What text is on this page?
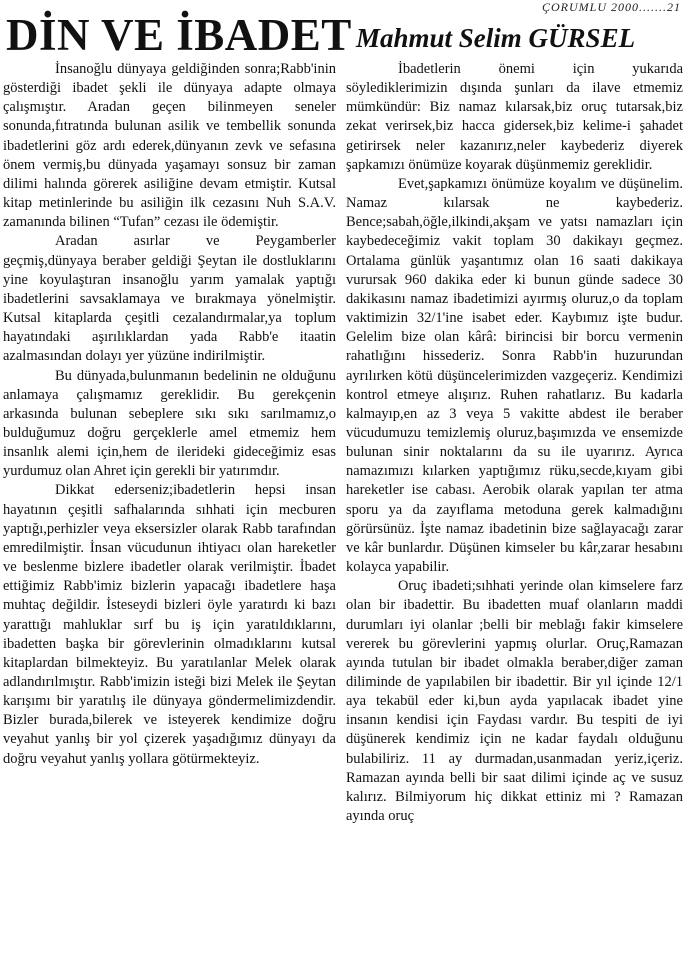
ÇORUMLU 2000.......21
DİN VE İBADET Mahmut Selim GÜRSEL

İnsanoğlu dünyaya geldiğinden sonra;Rabb'inin gösterdiği ibadet şekli ile dünyaya adapte olmaya çalışmıştır. Aradan geçen bilinmeyen seneler sonunda,fıtratında bulunan asilik ve tembellik sonunda ibadetlerini göz ardı ederek,dünyanın zevk ve sefasına önem vermiş,bu dünyada yaşamayı sonsuz bir zaman dilimi halında görerek asiliğine devam etmiştir. Kutsal kitap metinlerinde bu asiliğin ilk cezasını Nuh S.A.V. zamanında bilinen “Tufan” cezası ile ödemiştir.

Aradan asırlar ve Peygamberler geçmiş,dünyaya beraber geldiği Şeytan ile dostluklarını yine koyulaştıran insanoğlu yarım yamalak yaptığı ibadetlerini savsaklamaya ve bırakmaya yönelmiştir. Kutsal kitaplarda çeşitli cezalandırmalar,ya toplum hayatındaki aşırılıklardan yada Rabb'e itaatin azalmasından dolayı yer yüzüne indirilmiştir.

Bu dünyada,bulunmanın bedelinin ne olduğunu anlamaya çalışmamız gereklidir. Bu gerekçenin arkasında bulunan sebeplere sıkı sıkı sarılmamız,o bulduğumuz doğru gerçeklerle amel etmemiz hem insanlık alemi için,hem de ilerideki gideceğimiz esas yurdumuz olan Ahret için gerekli bir yatırımdır.

Dikkat ederseniz;ibadetlerin hepsi insan hayatının çeşitli safhalarında sıhhati için mecburen yaptığı,perhizler veya eksersizler olarak Rabb tarafından emredilmiştir. İnsan vücudunun ihtiyacı olan hareketler ve beslenme bizlere ibadetler olarak verilmiştir. İbadet ettiğimiz Rabb'imiz bizlerin yapacağı ibadetlere haşa muhtaç değildir. İsteseydi bizleri öyle yaratırdı ki bazı yarattığı mahluklar sırf bu iş için yaratıldıklarını, ibadetten başka bir görevlerinin olmadıklarını kutsal kitaplardan bilmekteyiz. Bu yaratılanlar Melek olarak adlandırılmıştır. Rabb'imizin isteği bizi Melek ile Şeytan karışımı bir yaratılış ile dünyaya göndermelimizdendir. Bizler burada,bilerek ve isteyerek kendimize doğru veyahut yanlış bir yol çizerek yaşadığımız dünyayı da doğru veyahut yanlış yollara götürmekteyiz.

İbadetlerin önemi için yukarıda söylediklerimizin dışında şunları da ilave etmemiz mümkündür: Biz namaz kılarsak,biz oruç tutarsak,biz zekat verirsek,biz hacca gidersek,biz kelime-i şahadet getirirsek neler kazanırız,neler kaybederiz diyerek şapkamızı önümüze koyarak düşünmemiz gereklidir.

Evet,şapkamızı önümüze koyalım ve düşünelim. Namaz kılarsak ne kaybederiz. Bence;sabah,öğle,ilkindi,akşam ve yatsı namazları için kaybedeceğimiz vakit toplam 30 dakikayı geçmez. Ortalama günlük yaşantımız olan 16 saati dakikaya vurursak 960 dakika eder ki bunun günde sadece 30 dakikasını namaz ibadetimizi ayırmış oluruz,o da toplam vaktimizin 32/1'ine isabet eder. Kaybımız işte budur. Gelelim bize olan kârâ: birincisi bir borcu vermenin rahatlığını hissederiz. Sonra Rabb'in huzurundan ayrılırken kötü düşüncelerimizden vazgeçeriz. Kendimizi kontrol etmeye alışırız. Ruhen rahatlarız. Bu kadarla kalmayıp,en az 3 veya 5 vakitte abdest ile beraber vücudumuzu temizlemiş oluruz,başımızda ve ensemizde bulunan sinir noktalarını da su ile uyarırız. Ayrıca namazımızı kılarken yaptığımız rüku,secde,kıyam gibi hareketler ise cabası. Aerobik olarak yapılan ter atma sporu ya da zayıflama metoduna gerek kalmadığını görürsünüz. İşte namaz ibadetinin bize sağlayacağı zarar ve kâr bunlardır. Düşünen kimseler bu kâr,zarar hesabını kolayca yapabilir.

Oruç ibadeti;sıhhati yerinde olan kimselere farz olan bir ibadettir. Bu ibadetten muaf olanların maddi durumları iyi olanlar ;belli bir meblağı fakir kimselere vererek bu görevlerini yapmış olurlar. Oruç,Ramazan ayında tutulan bir ibadet olmakla beraber,diğer zaman diliminde de yapılabilen bir ibadettir. Bir yıl içinde 12/1 aya tekabül eder ki,bun ayda yapılacak ibadet yine insanın kendisi için Faydası vardır. Bu tespiti de iyi düşünerek kendimiz için ne kadar faydalı olduğunu bulabiliriz. 11 ay durmadan,usanmadan yeriz,içeriz. Ramazan ayında belli bir saat dilimi içinde aç ve susuz kalırız. Bilmiyorum hiç dikkat ettiniz mi ? Ramazan ayında oruç
